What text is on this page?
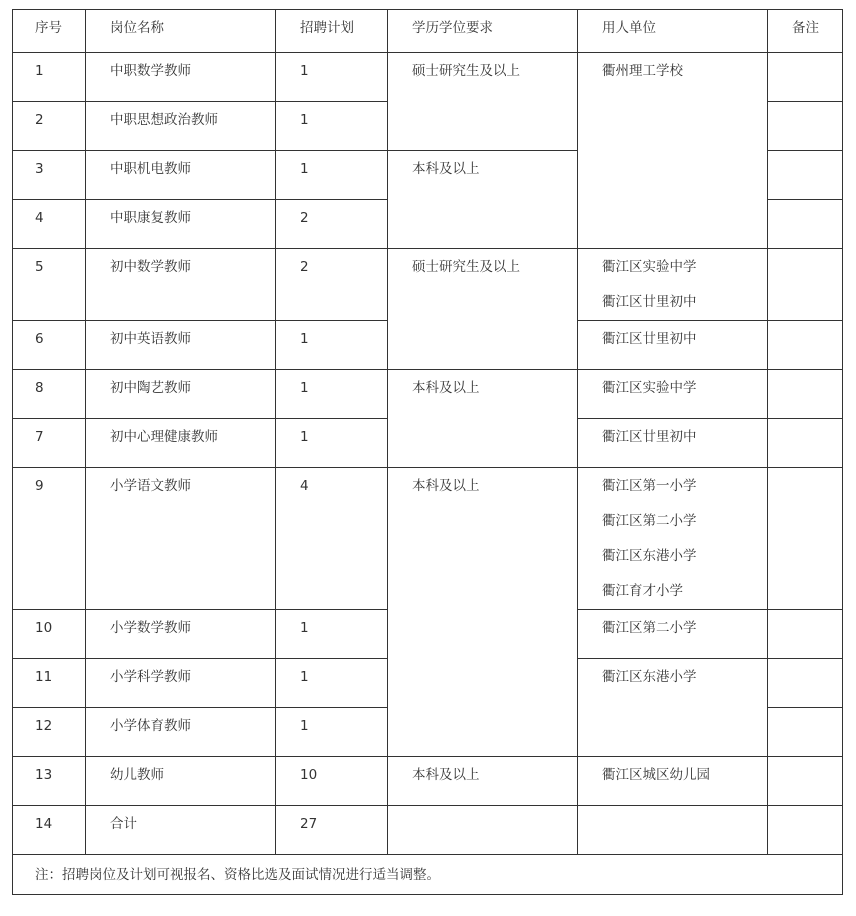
序号	岗位名称	招聘计划	学历学位要求	用人单位	备注

1	中职数学教师	1	硕士研究生及以上	衢州理工学校	

2	中职思想政治教师	1			

3	中职机电教师	1	本科及以上		

4	中职康复教师	2			

5	初中数学教师	2	硕士研究生及以上	衢江区实验中学
衢江区廿里初中	

6	初中英语教师	1		衢江区廿里初中	

8	初中陶艺教师	1	本科及以上	衢江区实验中学	

7	初中心理健康教师	1		衢江区廿里初中	

9	小学语文教师	4	本科及以上	衢江区第一小学
衢江区第二小学
衢江区东港小学
衢江育才小学	

10	小学数学教师	1		衢江区第二小学	

11	小学科学教师	1		衢江区东港小学	

12	小学体育教师	1			

13	幼儿教师	10	本科及以上	衢江区城区幼儿园	

14	合计	27			

注：招聘岗位及计划可视报名、资格比选及面试情况进行适当调整。					
